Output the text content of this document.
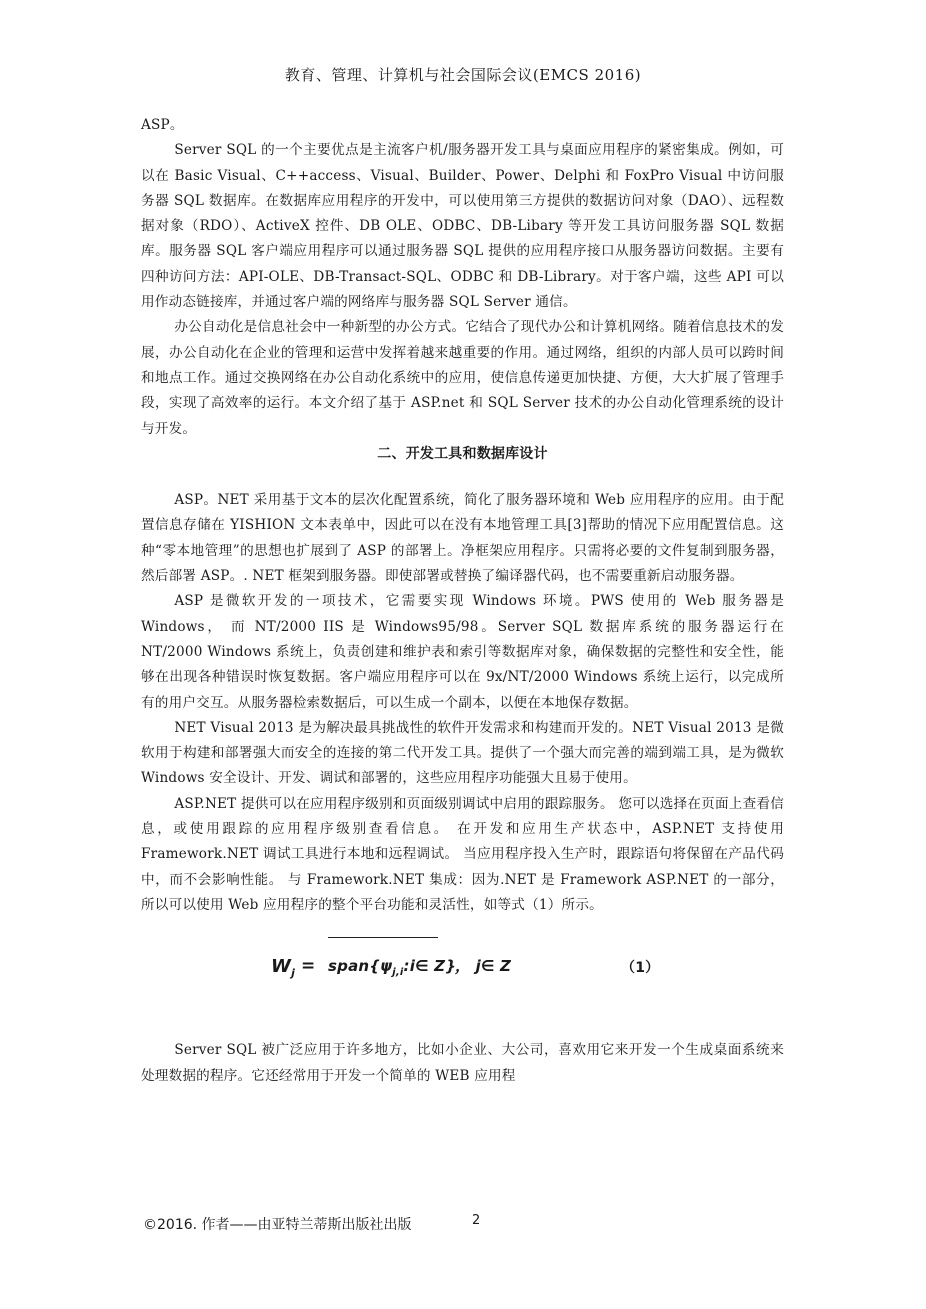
教育、管理、计算机与社会国际会议(EMCS 2016)

ASP。

Server SQL 的一个主要优点是主流客户机/服务器开发工具与桌面应用程序的紧密集成。例如，可以在 Basic Visual、C++access、Visual、Builder、Power、Delphi 和 FoxPro Visual 中访问服务器 SQL 数据库。在数据库应用程序的开发中，可以使用第三方提供的数据访问对象（DAO）、远程数据对象（RDO）、ActiveX 控件、DB OLE、ODBC、DB-Libary 等开发工具访问服务器 SQL 数据库。服务器 SQL 客户端应用程序可以通过服务器 SQL 提供的应用程序接口从服务器访问数据。主要有四种访问方法：API-OLE、DB-Transact-SQL、ODBC 和 DB-Library。对于客户端，这些 API 可以用作动态链接库，并通过客户端的网络库与服务器 SQL Server 通信。

办公自动化是信息社会中一种新型的办公方式。它结合了现代办公和计算机网络。随着信息技术的发展，办公自动化在企业的管理和运营中发挥着越来越重要的作用。通过网络，组织的内部人员可以跨时间和地点工作。通过交换网络在办公自动化系统中的应用，使信息传递更加快捷、方便，大大扩展了管理手段，实现了高效率的运行。本文介绍了基于 ASP.net 和 SQL Server 技术的办公自动化管理系统的设计与开发。

二、开发工具和数据库设计

ASP。NET 采用基于文本的层次化配置系统，简化了服务器环境和 Web 应用程序的应用。由于配置信息存储在 YISHION 文本表单中，因此可以在没有本地管理工具[3]帮助的情况下应用配置信息。这种“零本地管理”的思想也扩展到了 ASP 的部署上。净框架应用程序。只需将必要的文件复制到服务器，然后部署 ASP。. NET 框架到服务器。即使部署或替换了编译器代码，也不需要重新启动服务器。

ASP 是微软开发的一项技术，它需要实现 Windows 环境。PWS 使用的 Web 服务器是 Windows， 而 NT/2000 IIS 是 Windows95/98。Server SQL 数据库系统的服务器运行在 NT/2000 Windows 系统上，负责创建和维护表和索引等数据库对象，确保数据的完整性和安全性，能够在出现各种错误时恢复数据。客户端应用程序可以在 9x/NT/2000 Windows 系统上运行，以完成所有的用户交互。从服务器检索数据后，可以生成一个副本，以便在本地保存数据。

NET Visual 2013 是为解决最具挑战性的软件开发需求和构建而开发的。NET Visual 2013 是微软用于构建和部署强大而安全的连接的第二代开发工具。提供了一个强大而完善的端到端工具，是为微软 Windows 安全设计、开发、调试和部署的，这些应用程序功能强大且易于使用。

ASP.NET 提供可以在应用程序级别和页面级别调试中启用的跟踪服务。 您可以选择在页面上查看信息，或使用跟踪的应用程序级别查看信息。 在开发和应用生产状态中，ASP.NET 支持使用 Framework.NET 调试工具进行本地和远程调试。 当应用程序投入生产时，跟踪语句将保留在产品代码中，而不会影响性能。 与 Framework.NET 集成：因为.NET 是 Framework ASP.NET 的一部分，所以可以使用 Web 应用程序的整个平台功能和灵活性，如等式（1）所示。

$W_j$ = $span\{\psi_{j,i}:i\in$ Z}
， j∈ Z	（1）

Server SQL 被广泛应用于许多地方，比如小企业、大公司，喜欢用它来开发一个生成桌面系统来处理数据的程序。它还经常用于开发一个简单的 WEB 应用程

©2016. 作者——由亚特兰蒂斯出版社出版	2
